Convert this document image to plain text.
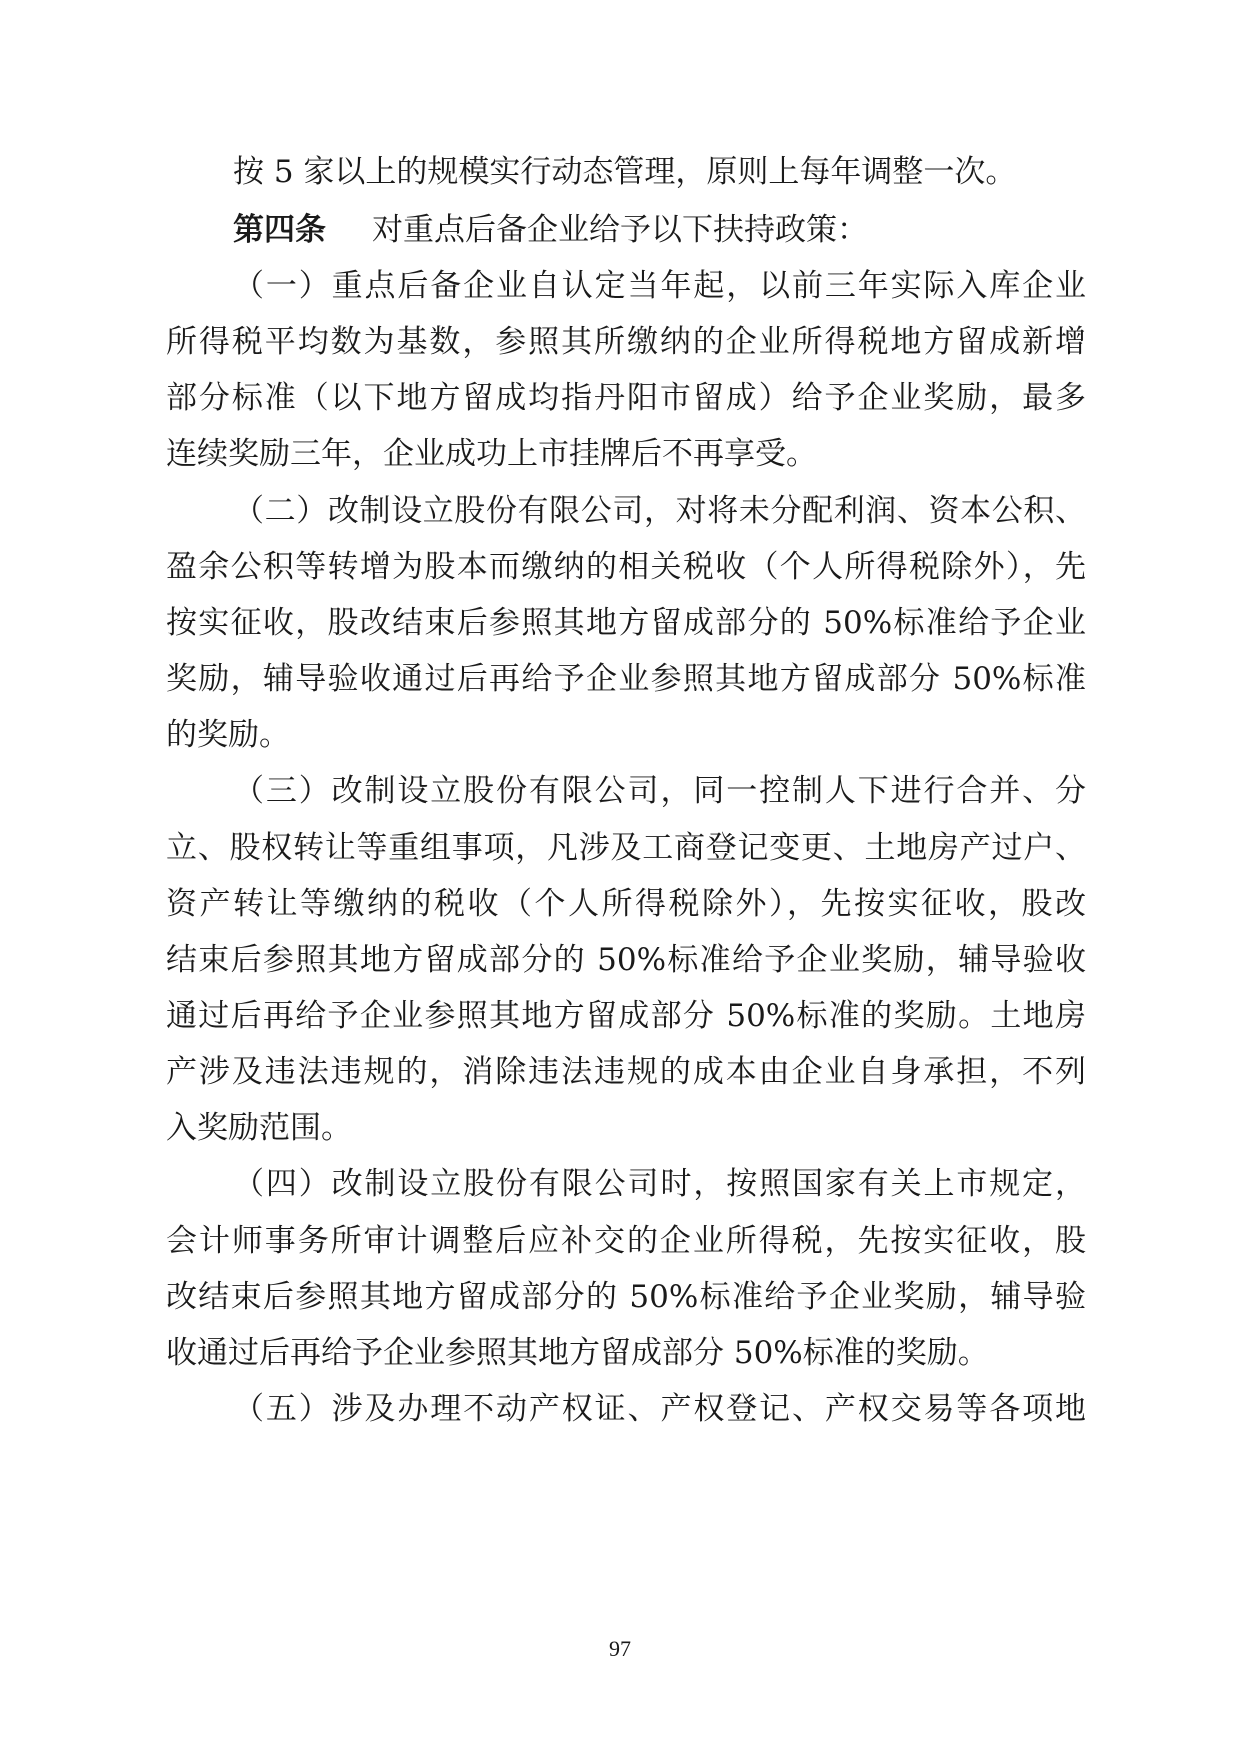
按 5 家以上的规模实行动态管理，原则上每年调整一次。
第四条 对重点后备企业给予以下扶持政策：
（一）重点后备企业自认定当年起，以前三年实际入库企业
所得税平均数为基数，参照其所缴纳的企业所得税地方留成新增
部分标准（以下地方留成均指丹阳市留成）给予企业奖励，最多
连续奖励三年，企业成功上市挂牌后不再享受。
（二）改制设立股份有限公司，对将未分配利润、资本公积、
盈余公积等转增为股本而缴纳的相关税收（个人所得税除外），先
按实征收，股改结束后参照其地方留成部分的 50%标准给予企业
奖励，辅导验收通过后再给予企业参照其地方留成部分 50%标准
的奖励。
（三）改制设立股份有限公司，同一控制人下进行合并、分
立、股权转让等重组事项，凡涉及工商登记变更、土地房产过户、
资产转让等缴纳的税收（个人所得税除外），先按实征收，股改
结束后参照其地方留成部分的 50%标准给予企业奖励，辅导验收
通过后再给予企业参照其地方留成部分 50%标准的奖励。土地房
产涉及违法违规的，消除违法违规的成本由企业自身承担，不列
入奖励范围。
（四）改制设立股份有限公司时，按照国家有关上市规定，
会计师事务所审计调整后应补交的企业所得税，先按实征收，股
改结束后参照其地方留成部分的 50%标准给予企业奖励，辅导验
收通过后再给予企业参照其地方留成部分 50%标准的奖励。
（五）涉及办理不动产权证、产权登记、产权交易等各项地
97
